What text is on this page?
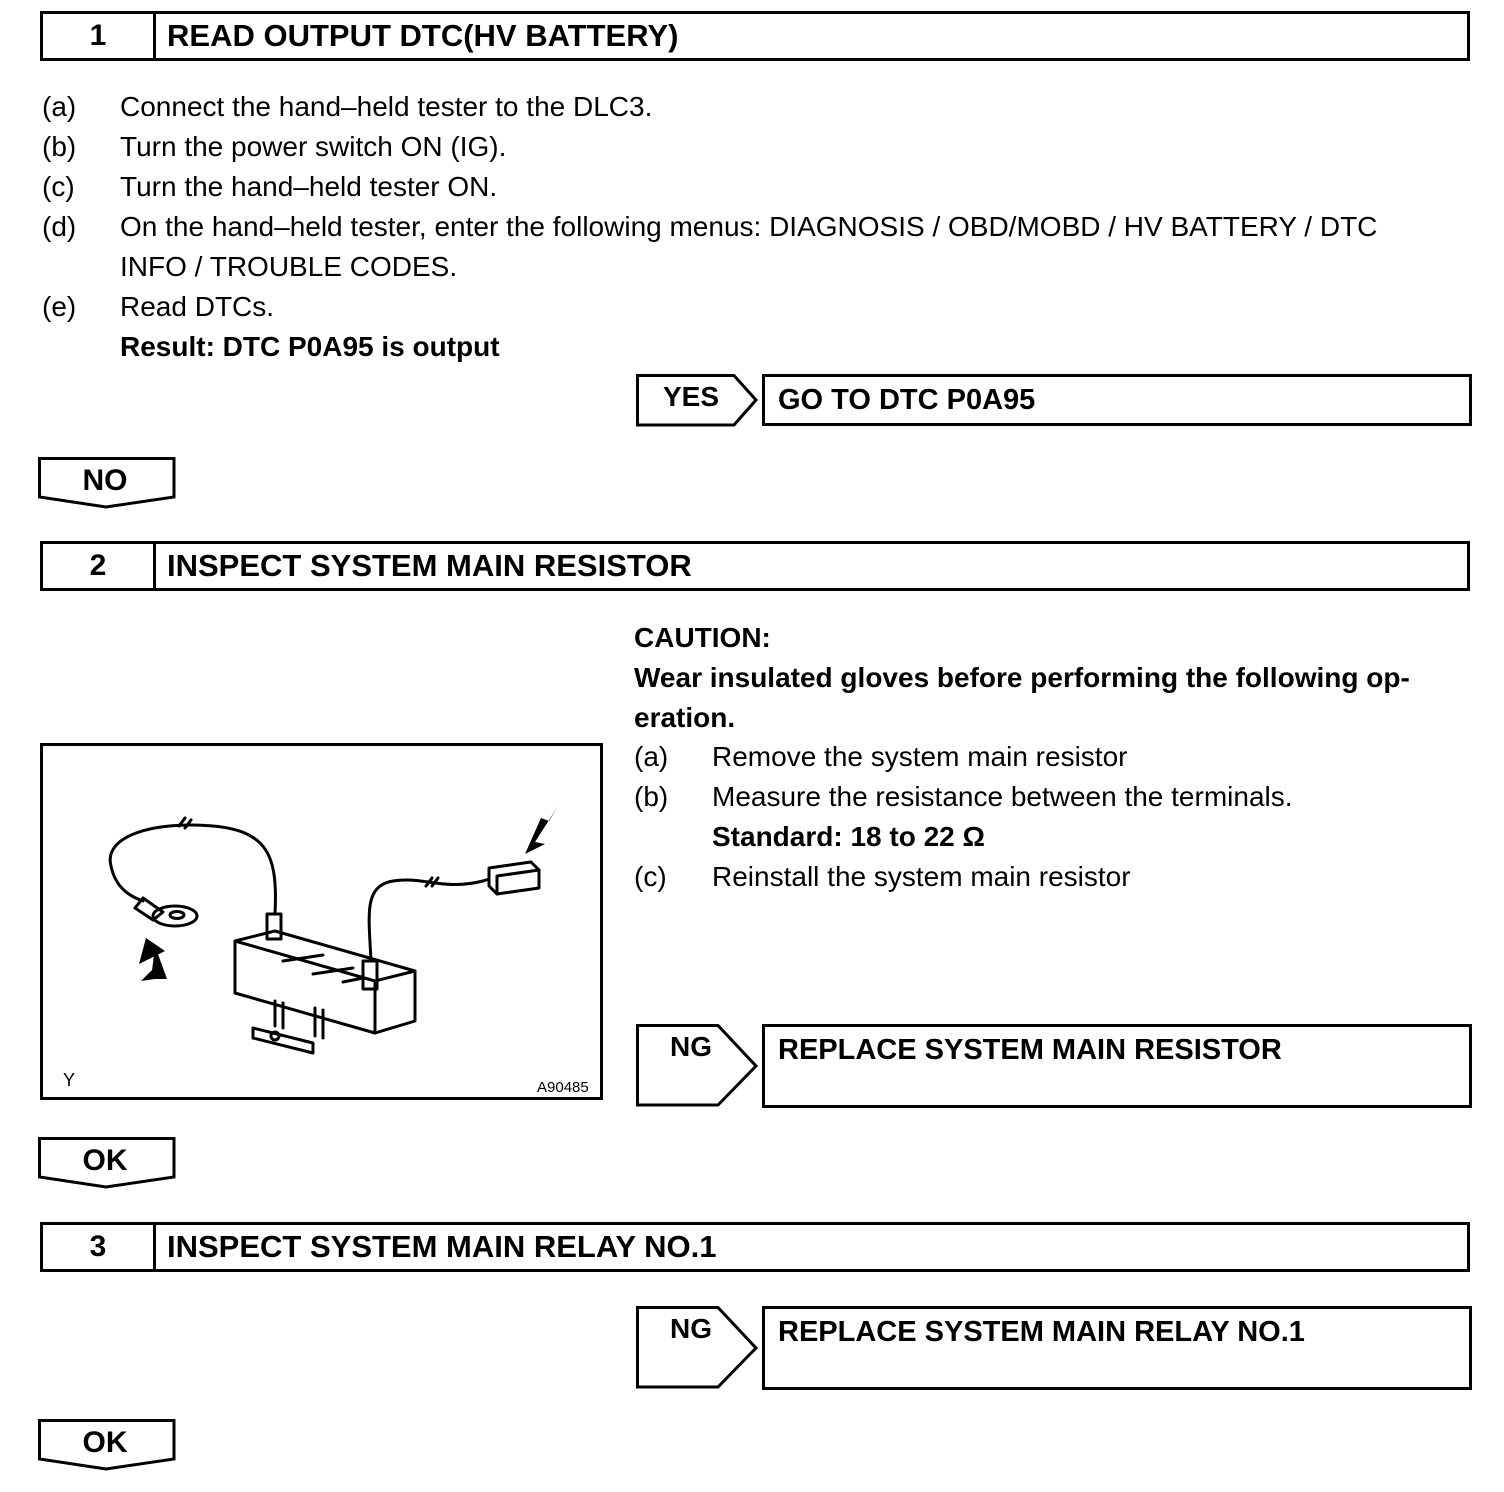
1	READ OUTPUT DTC(HV BATTERY)
(a) Connect the hand–held tester to the DLC3.
(b) Turn the power switch ON (IG).
(c) Turn the hand–held tester ON.
(d) On the hand–held tester, enter the following menus: DIAGNOSIS / OBD/MOBD / HV BATTERY / DTC
INFO / TROUBLE CODES.
(e) Read DTCs.
Result: DTC P0A95 is output
YES	GO TO DTC P0A95
NO
2	INSPECT SYSTEM MAIN RESISTOR
CAUTION:
Wear insulated gloves before performing the following op-
eration.
(a) Remove the system main resistor
(b) Measure the resistance between the terminals.
Standard: 18 to 22 Ω
(c) Reinstall the system main resistor
Y	A90485
NG	REPLACE SYSTEM MAIN RESISTOR
OK
3	INSPECT SYSTEM MAIN RELAY NO.1
NG	REPLACE SYSTEM MAIN RELAY NO.1
OK
